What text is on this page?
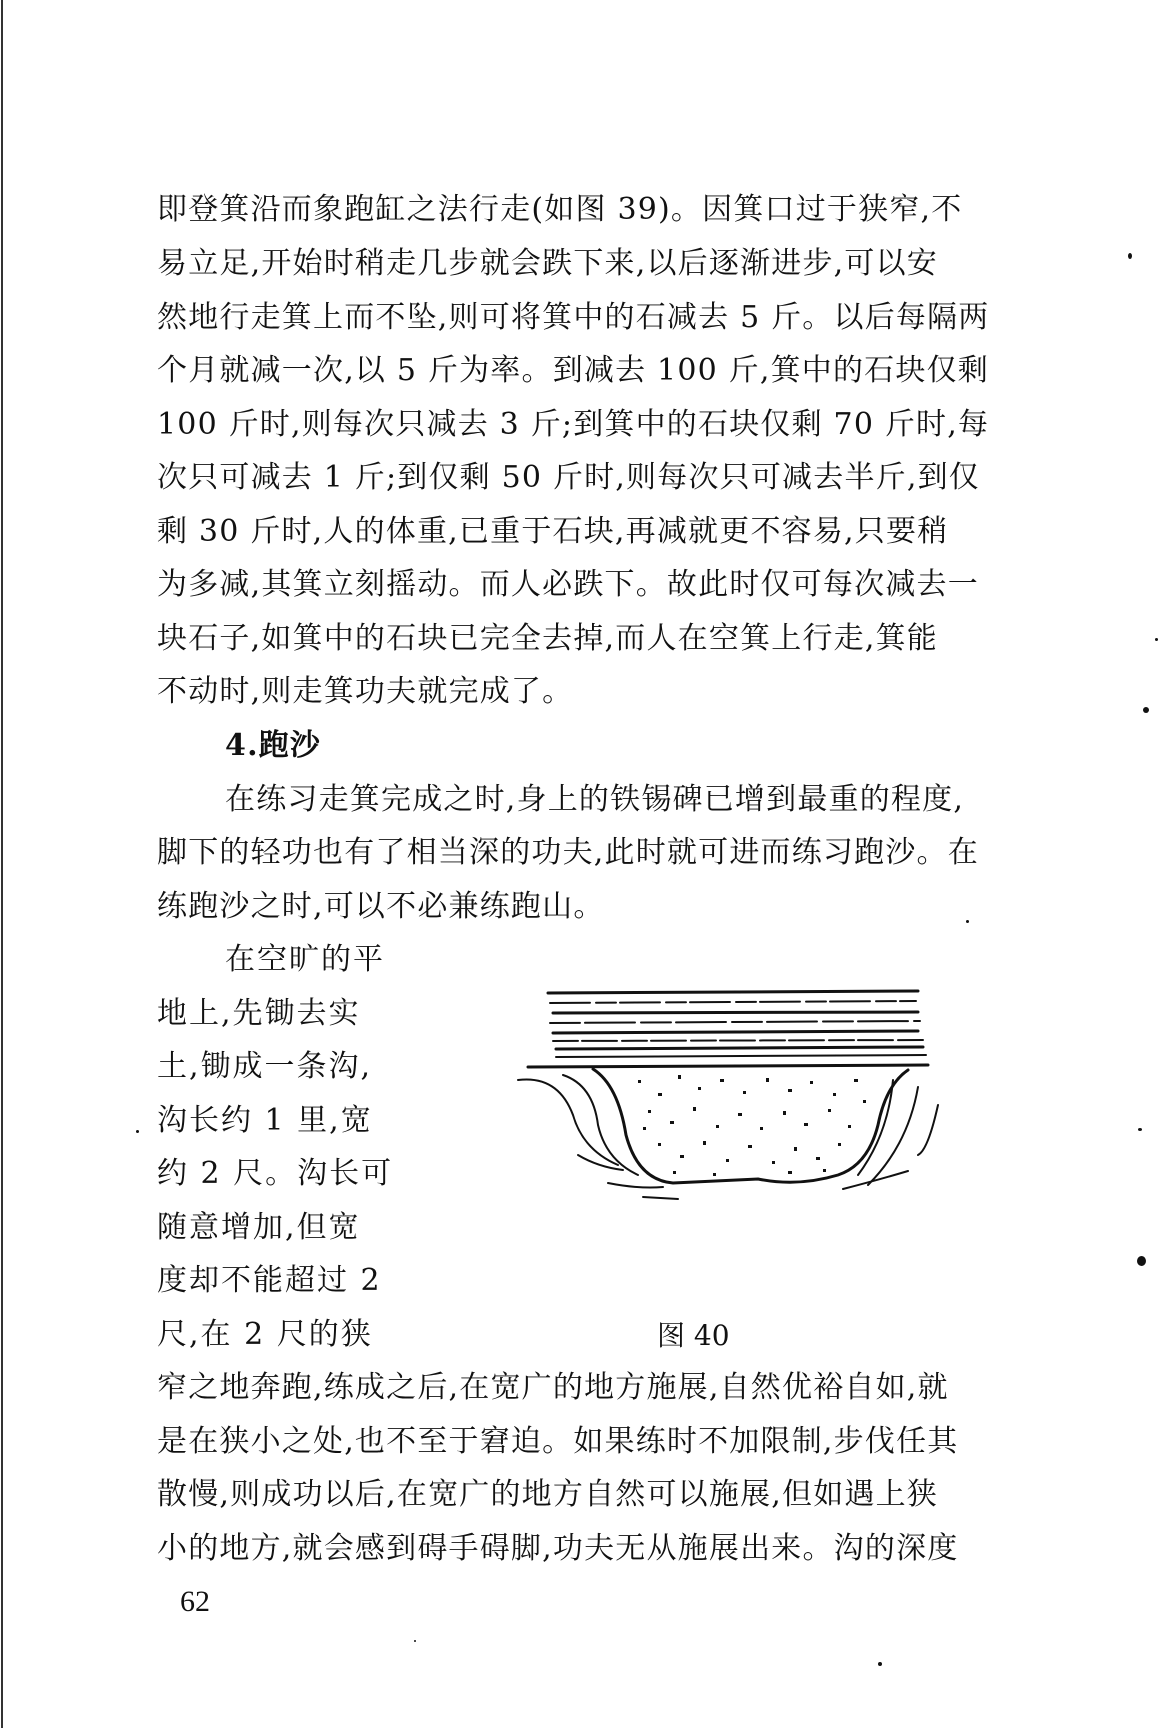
即登箕沿而象跑缸之法行走(如图 39)。因箕口过于狭窄,不
易立足,开始时稍走几步就会跌下来,以后逐渐进步,可以安
然地行走箕上而不坠,则可将箕中的石减去 5 斤。以后每隔两
个月就减一次,以 5 斤为率。到减去 100 斤,箕中的石块仅剩
100 斤时,则每次只减去 3 斤;到箕中的石块仅剩 70 斤时,每
次只可减去 1 斤;到仅剩 50 斤时,则每次只可减去半斤,到仅
剩 30 斤时,人的体重,已重于石块,再减就更不容易,只要稍
为多减,其箕立刻摇动。而人必跌下。故此时仅可每次减去一
块石子,如箕中的石块已完全去掉,而人在空箕上行走,箕能
不动时,则走箕功夫就完成了。
4.跑沙
在练习走箕完成之时,身上的铁锡碑已增到最重的程度,
脚下的轻功也有了相当深的功夫,此时就可进而练习跑沙。在
练跑沙之时,可以不必兼练跑山。
在空旷的平
地上,先锄去实
土,锄成一条沟,
沟长约 1 里,宽
约 2 尺。沟长可
随意增加,但宽
度却不能超过 2
尺,在 2 尺的狭	图 40
窄之地奔跑,练成之后,在宽广的地方施展,自然优裕自如,就
是在狭小之处,也不至于窘迫。如果练时不加限制,步伐任其
散慢,则成功以后,在宽广的地方自然可以施展,但如遇上狭
小的地方,就会感到碍手碍脚,功夫无从施展出来。沟的深度
62
